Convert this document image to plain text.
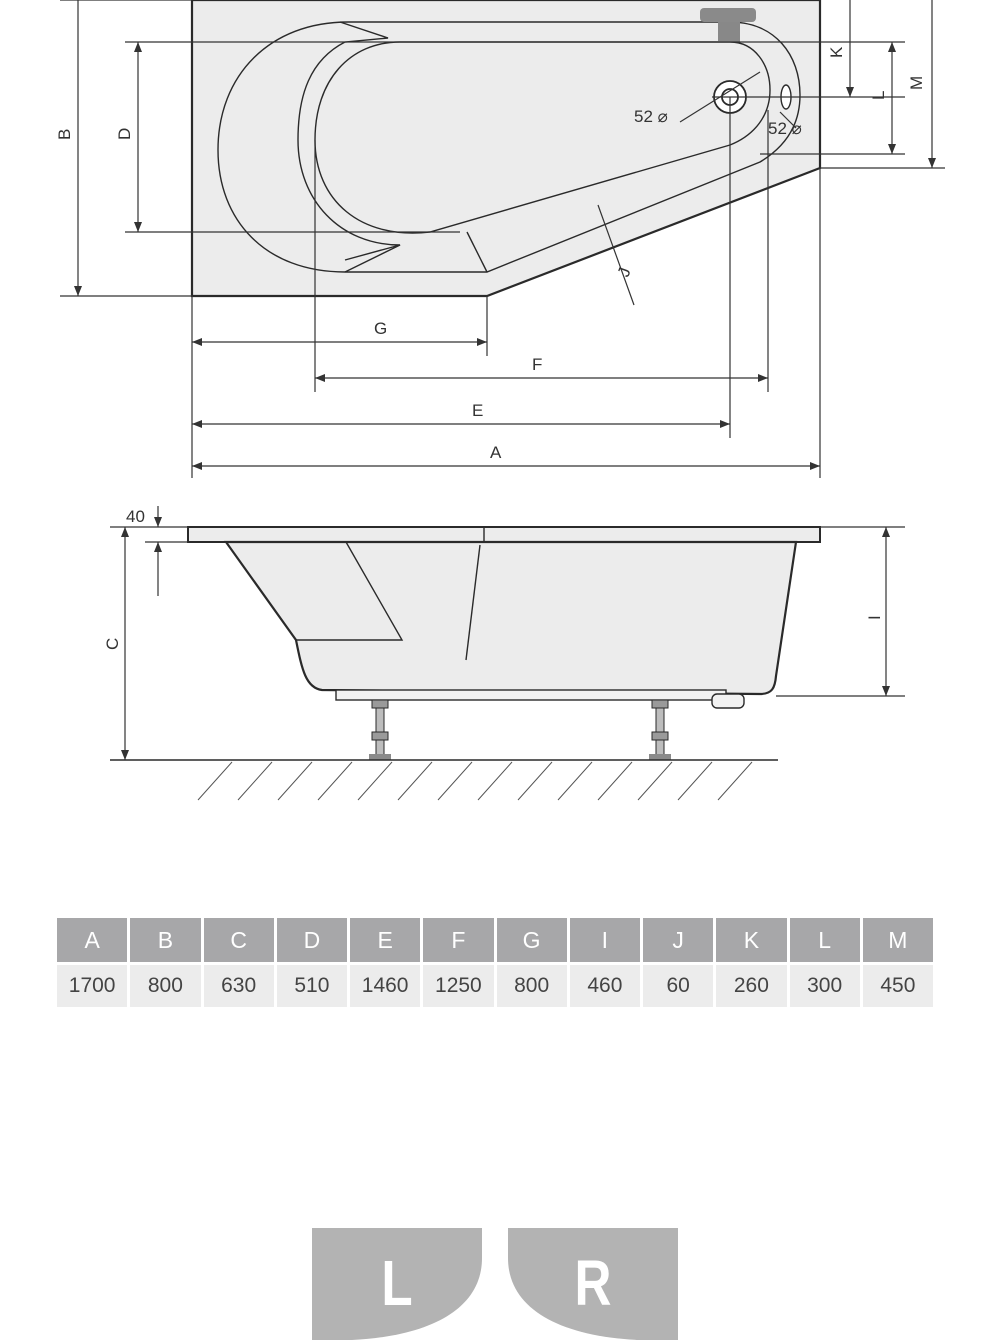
52 ⌀
52 ⌀
B D
K
L
M
J
G
F
E
A
C
40
I
A	B	C	D	E	F	G	I	J	K	L	M
1700	800	630	510	1460	1250	800	460	60	260	300	450
L	R
